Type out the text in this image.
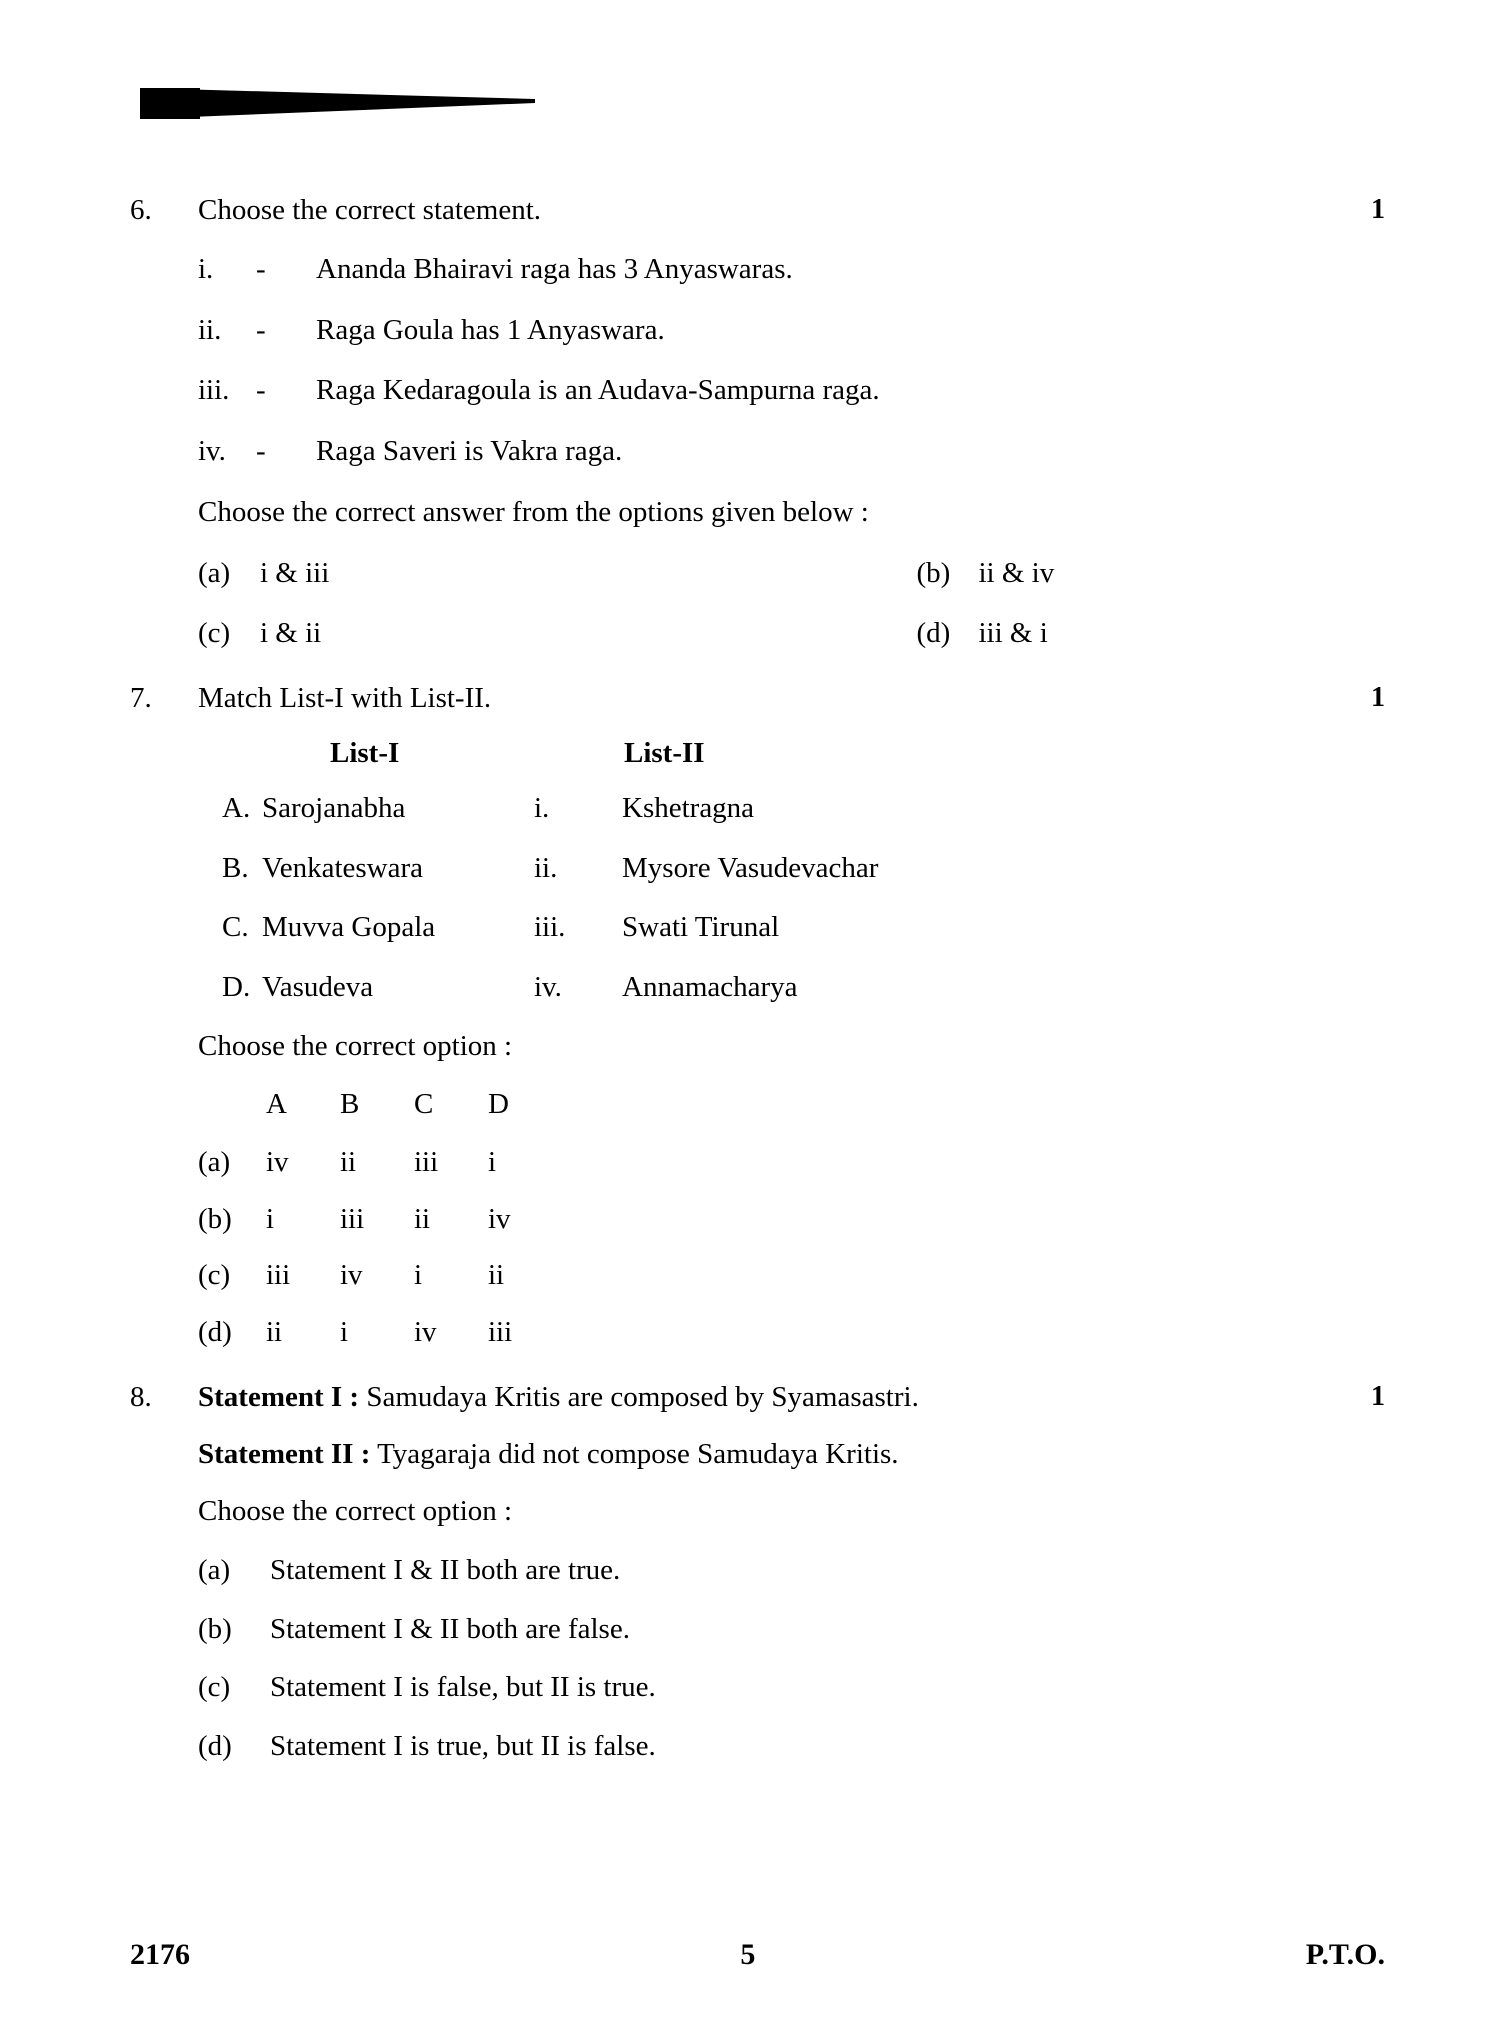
1
6.	Choose the correct statement.
i.	-	Ananda Bhairavi raga has 3 Anyaswaras.
ii.	-	Raga Goula has 1 Anyaswara.
iii. -	Raga Kedaragoula is an Audava-Sampurna raga.
iv.	-	Raga Saveri is Vakra raga.
Choose the correct answer from the options given below :
(a)	i & iii	(b) ii & iv
(c)	i & ii	(d) iii & i
1
7.	Match List-I with List-II.
List-I	List-II
A. Sarojanabha	i.	Kshetragna
B. Venkateswara	ii.	Mysore Vasudevachar
C. Muvva Gopala	iii.	Swati Tirunal
D. Vasudeva	iv.	Annamacharya
Choose the correct option :
A	B	C	D
(a)	iv	ii	iii	i
(b)	i	iii	ii	iv
(c)	iii	iv	i	ii
(d)	ii	i	iv	iii
1
8.	Statement I : Samudaya Kritis are composed by Syamasastri.
Statement II : Tyagaraja did not compose Samudaya Kritis.
Choose the correct option :
(a)	Statement I & II both are true.
(b)	Statement I & II both are false.
(c)	Statement I is false, but II is true.
(d)	Statement I is true, but II is false.
2176	5	P.T.O.
